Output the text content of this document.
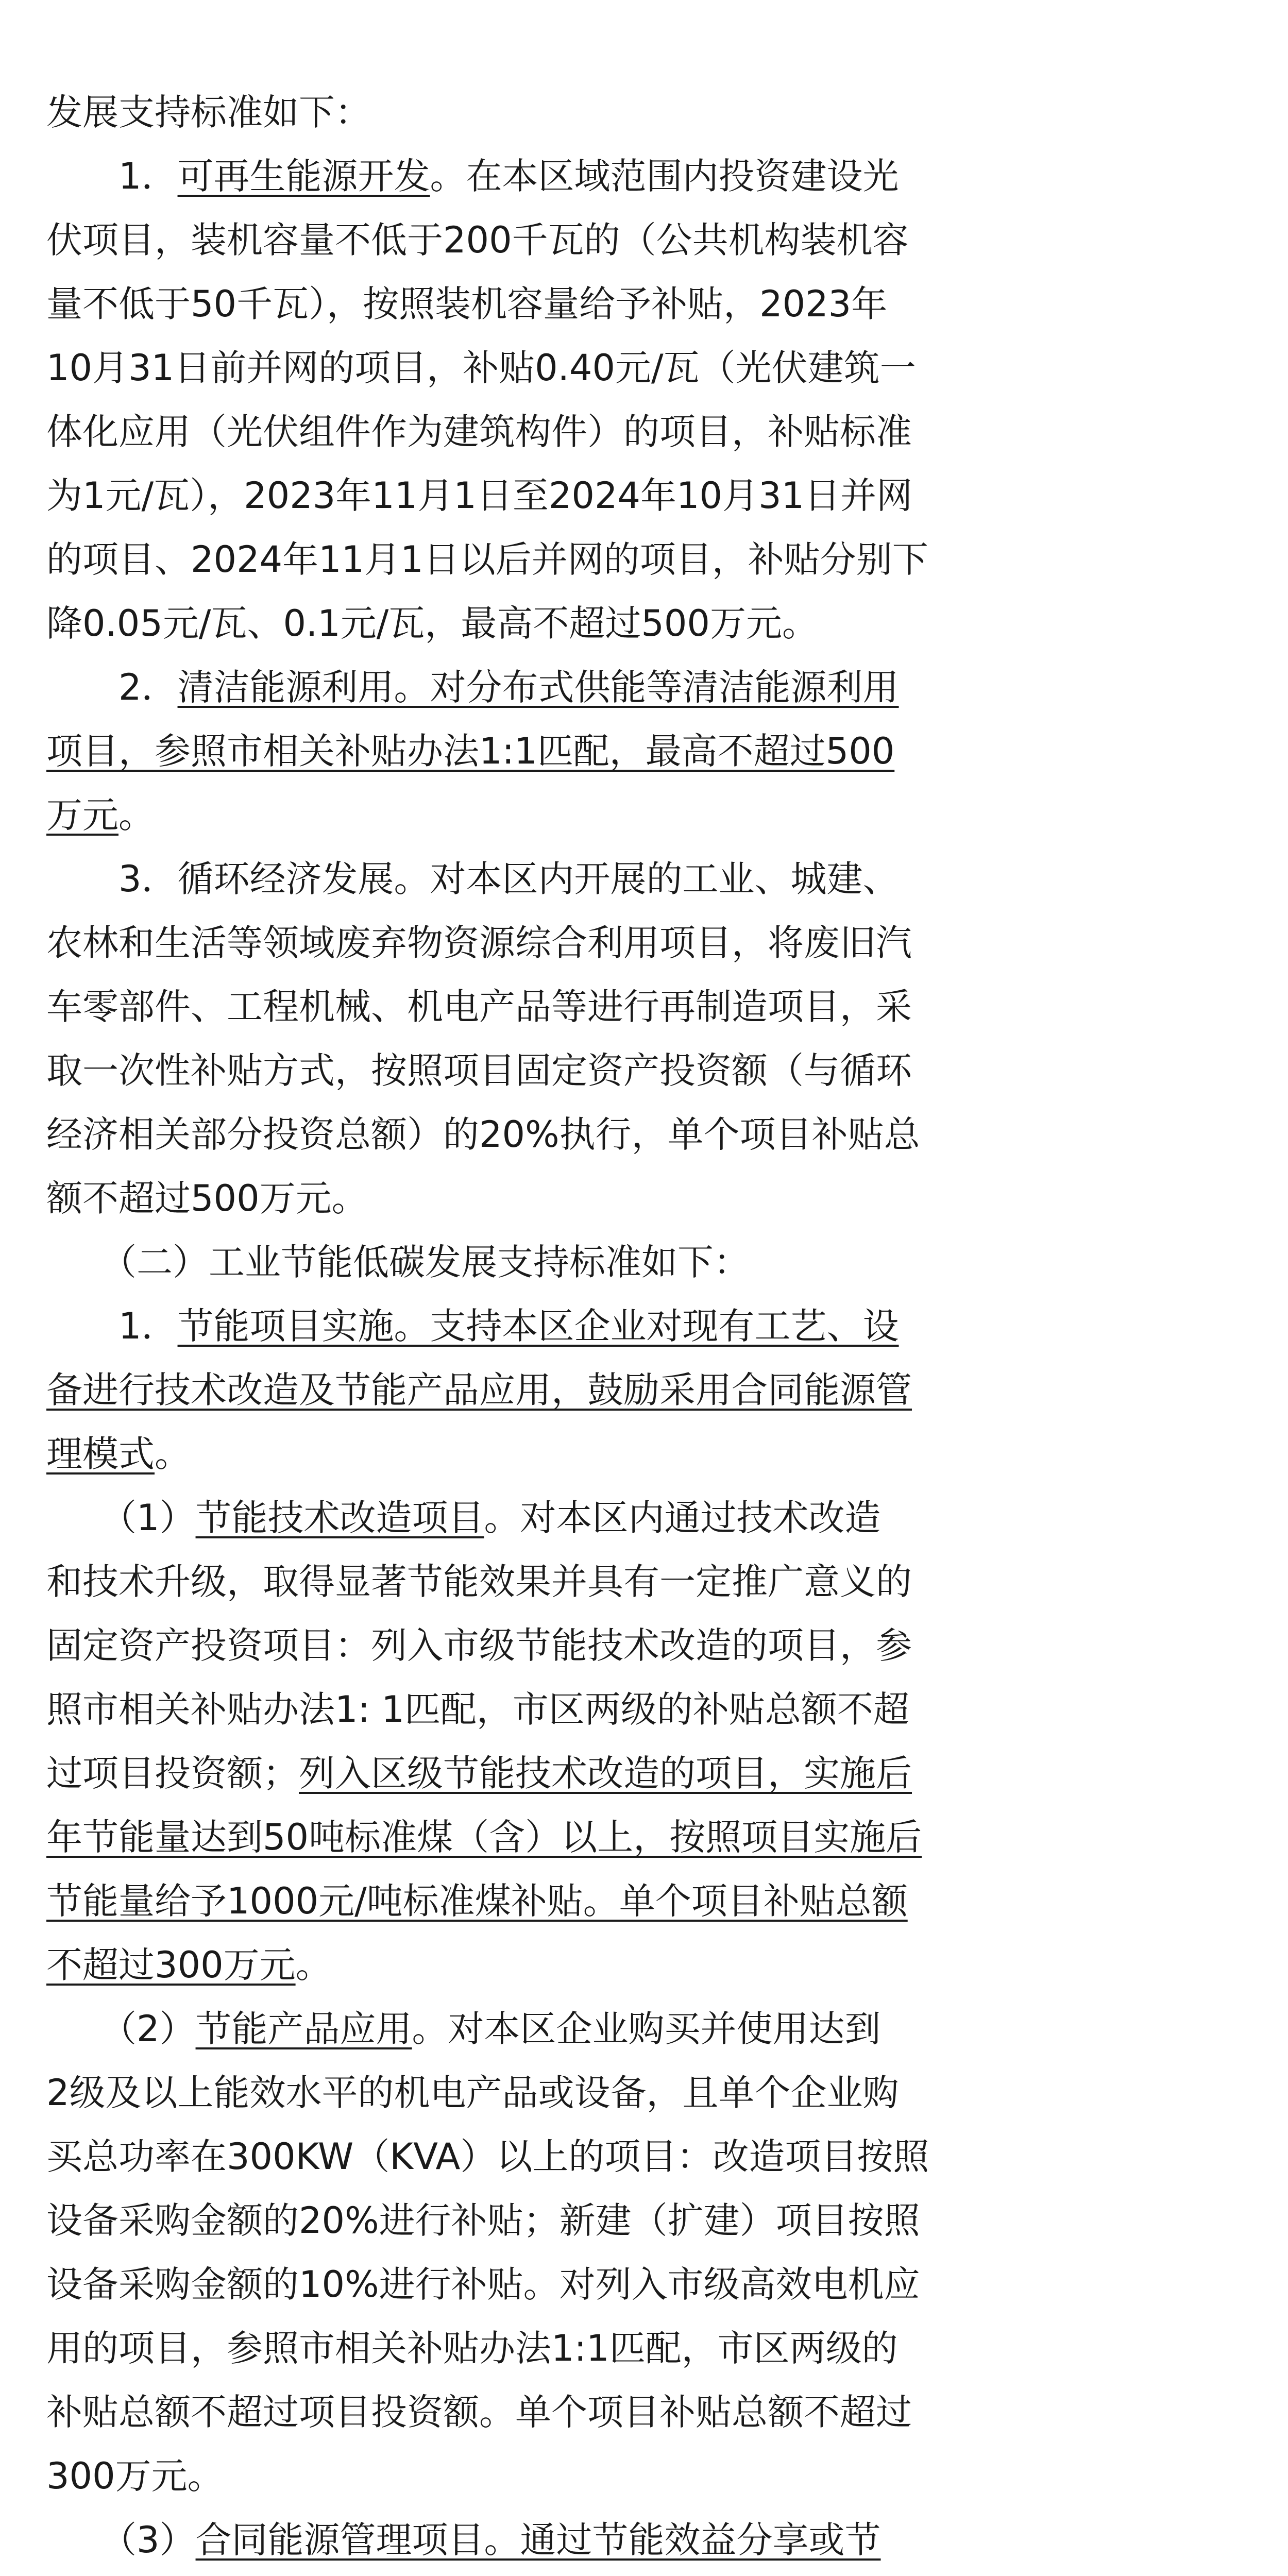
发展支持标准如下：
　　1．可再生能源开发。在本区域范围内投资建设光
伏项目，装机容量不低于200千瓦的（公共机构装机容
量不低于50千瓦），按照装机容量给予补贴，2023年
10月31日前并网的项目，补贴0.40元/瓦（光伏建筑一
体化应用（光伏组件作为建筑构件）的项目，补贴标准
为1元/瓦），2023年11月1日至2024年10月31日并网
的项目、2024年11月1日以后并网的项目，补贴分别下
降0.05元/瓦、0.1元/瓦，最高不超过500万元。
　　2．清洁能源利用。对分布式供能等清洁能源利用
项目，参照市相关补贴办法1:1匹配，最高不超过500
万元。
　　3．循环经济发展。对本区内开展的工业、城建、
农林和生活等领域废弃物资源综合利用项目，将废旧汽
车零部件、工程机械、机电产品等进行再制造项目，采
取一次性补贴方式，按照项目固定资产投资额（与循环
经济相关部分投资总额）的20%执行，单个项目补贴总
额不超过500万元。
　　（二）工业节能低碳发展支持标准如下：
　　1．节能项目实施。支持本区企业对现有工艺、设
备进行技术改造及节能产品应用，鼓励采用合同能源管
理模式。
　　（1）节能技术改造项目。对本区内通过技术改造
和技术升级，取得显著节能效果并具有一定推广意义的
固定资产投资项目：列入市级节能技术改造的项目，参
照市相关补贴办法1: 1匹配，市区两级的补贴总额不超
过项目投资额；列入区级节能技术改造的项目，实施后
年节能量达到50吨标准煤（含）以上，按照项目实施后
节能量给予1000元/吨标准煤补贴。单个项目补贴总额
不超过300万元。
　　（2）节能产品应用。对本区企业购买并使用达到
2级及以上能效水平的机电产品或设备，且单个企业购
买总功率在300KW（KVA）以上的项目：改造项目按照
设备采购金额的20%进行补贴；新建（扩建）项目按照
设备采购金额的10%进行补贴。对列入市级高效电机应
用的项目，参照市相关补贴办法1:1匹配，市区两级的
补贴总额不超过项目投资额。单个项目补贴总额不超过
300万元。
　　（3）合同能源管理项目。通过节能效益分享或节
